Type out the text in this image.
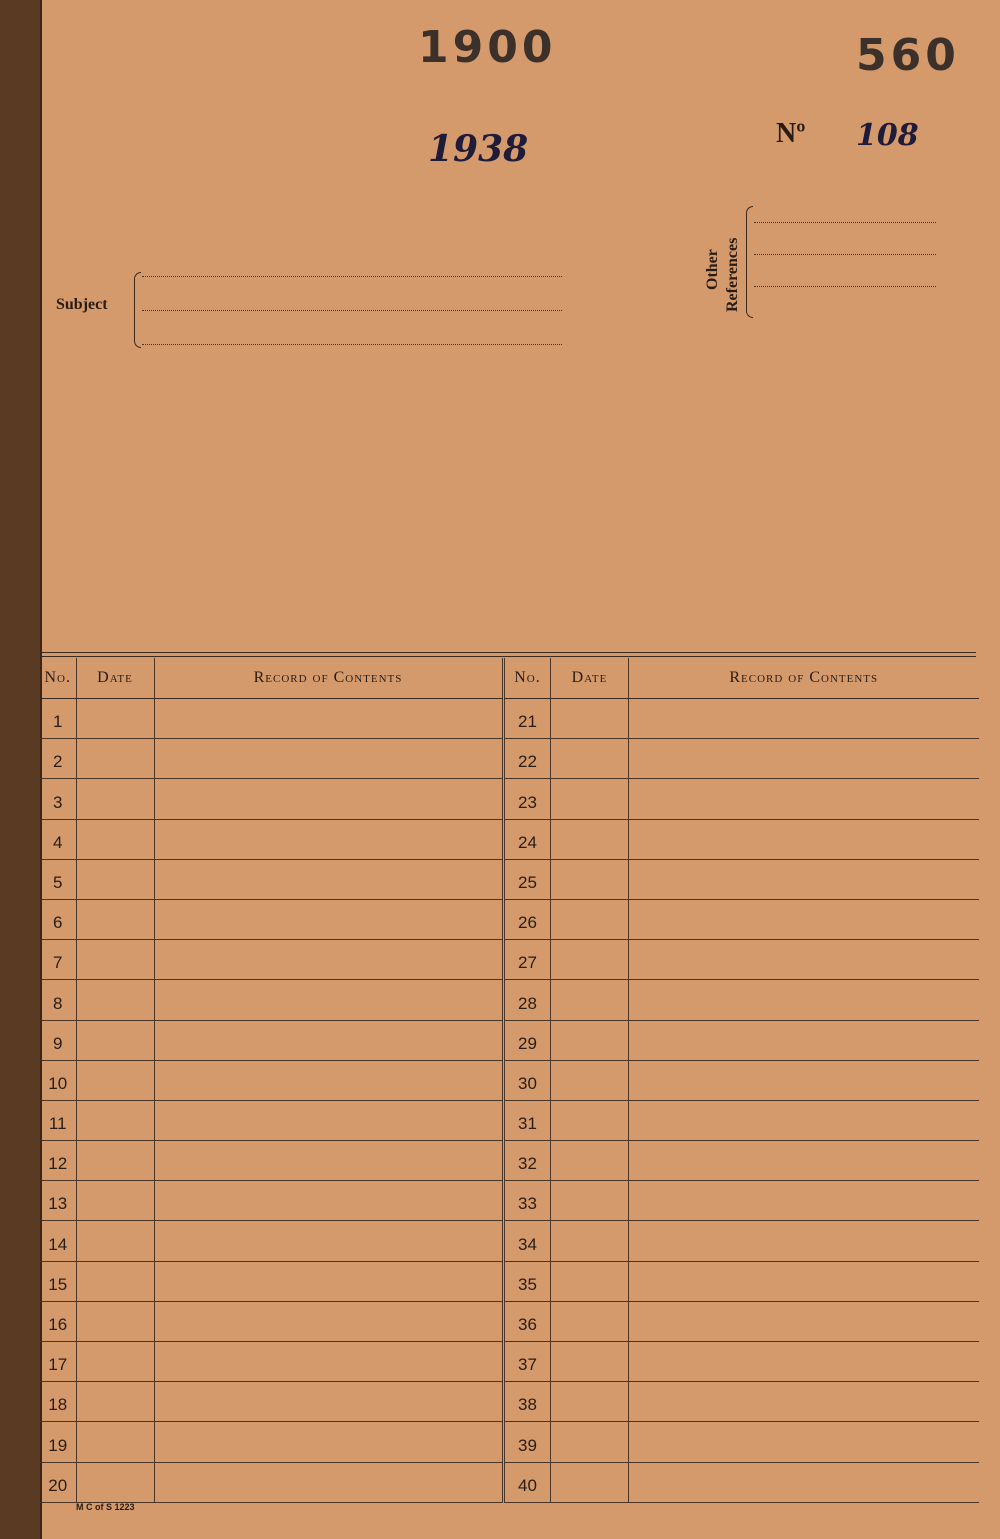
1900	560
1938	Nº 108
Subject
Other References
No.	Date	Record of Contents
1		
2		
3		
4		
5		
6		
7		
8		
9		
10		
11		
12		
13		
14		
15		
16		
17		
18		
19		
20		
No.	Date	Record of Contents
21		
22		
23		
24		
25		
26		
27		
28		
29		
30		
31		
32		
33		
34		
35		
36		
37		
38		
39		
40		
M C of S 1223
